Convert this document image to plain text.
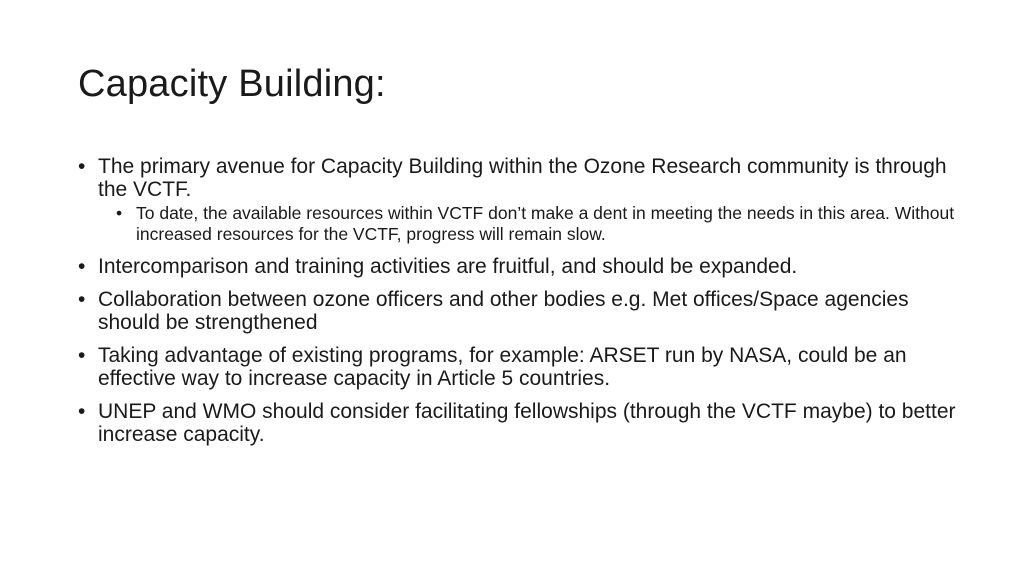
Capacity Building:
• The primary avenue for Capacity Building within the Ozone Research community is through the VCTF.
• To date, the available resources within VCTF don’t make a dent in meeting the needs in this area. Without increased resources for the VCTF, progress will remain slow.
• Intercomparison and training activities are fruitful, and should be expanded.
• Collaboration between ozone officers and other bodies e.g. Met offices/Space agencies should be strengthened
• Taking advantage of existing programs, for example: ARSET run by NASA, could be an effective way to increase capacity in Article 5 countries.
• UNEP and WMO should consider facilitating fellowships (through the VCTF maybe) to better increase capacity.
